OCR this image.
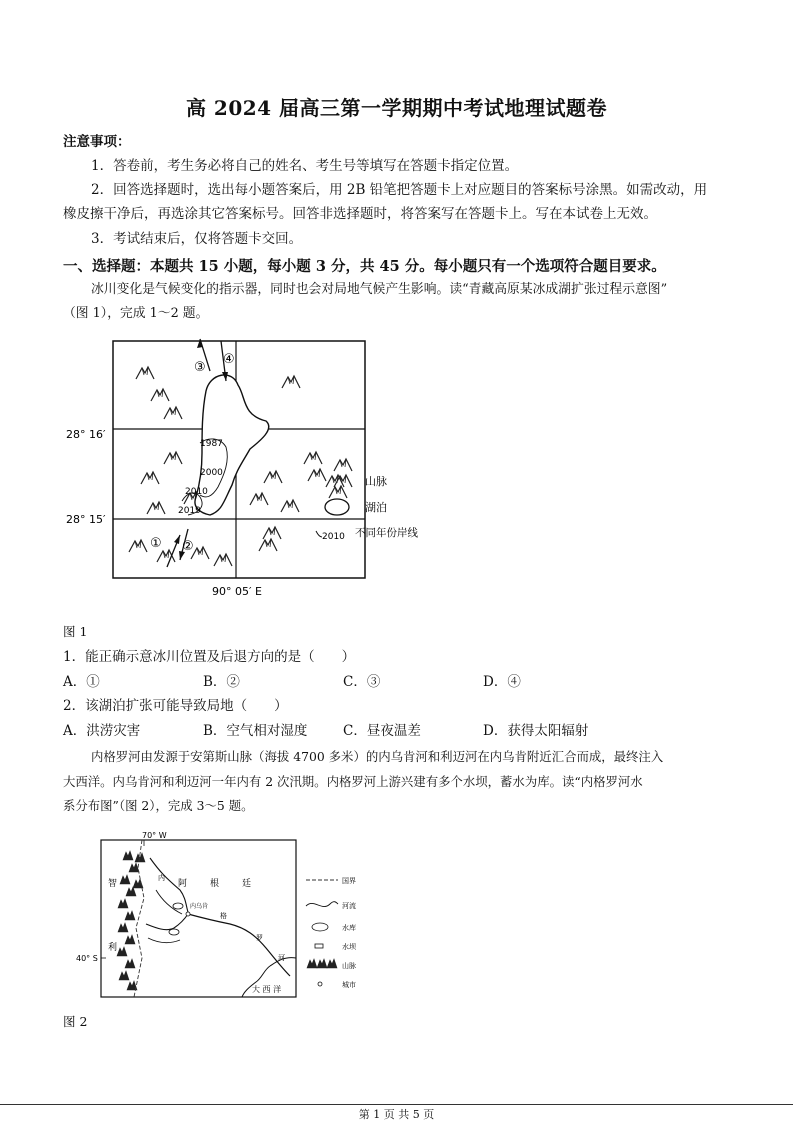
高 2024 届高三第一学期期中考试地理试题卷
注意事项：
1．答卷前，考生务必将自己的姓名、考生号等填写在答题卡指定位置。
2．回答选择题时，选出每小题答案后，用 2B 铅笔把答题卡上对应题目的答案标号涂黑。如需改动，用
橡皮擦干净后，再选涂其它答案标号。回答非选择题时，将答案写在答题卡上。写在本试卷上无效。
3．考试结束后，仅将答题卡交回。
一、选择题：本题共 15 小题，每小题 3 分，共 45 分。每小题只有一个选项符合题目要求。
冰川变化是气候变化的指示器，同时也会对局地气候产生影响。读“青藏高原某冰成湖扩张过程示意图”
（图 1），完成 1～2 题。
③
④
① ②
1987
2000
2010
2019
28° 16′
28° 15′
90° 05′ E
山脉
湖泊
2010 不同年份岸线
图 1
1．能正确示意冰川位置及后退方向的是（　　）
A．①	B．②	C．③	D．④
2．该湖泊扩张可能导致局地（　　）
A．洪涝灾害	B．空气相对湿度	C．昼夜温差	D．获得太阳辐射
内格罗河由发源于安第斯山脉（海拔 4700 多米）的内乌肯河和利迈河在内乌肯附近汇合而成，最终注入
大西洋。内乌肯河和利迈河一年内有 2 次汛期。内格罗河上游兴建有多个水坝，蓄水为库。读“内格罗河水
系分布图”（图 2），完成 3～5 题。
70° W
40° S
智
利
阿	根	廷
内
格
罗
河
内乌肯
大 西 洋
国界
河流
水库
水坝
山脉
城市
图 2
第 1 页 共 5 页
